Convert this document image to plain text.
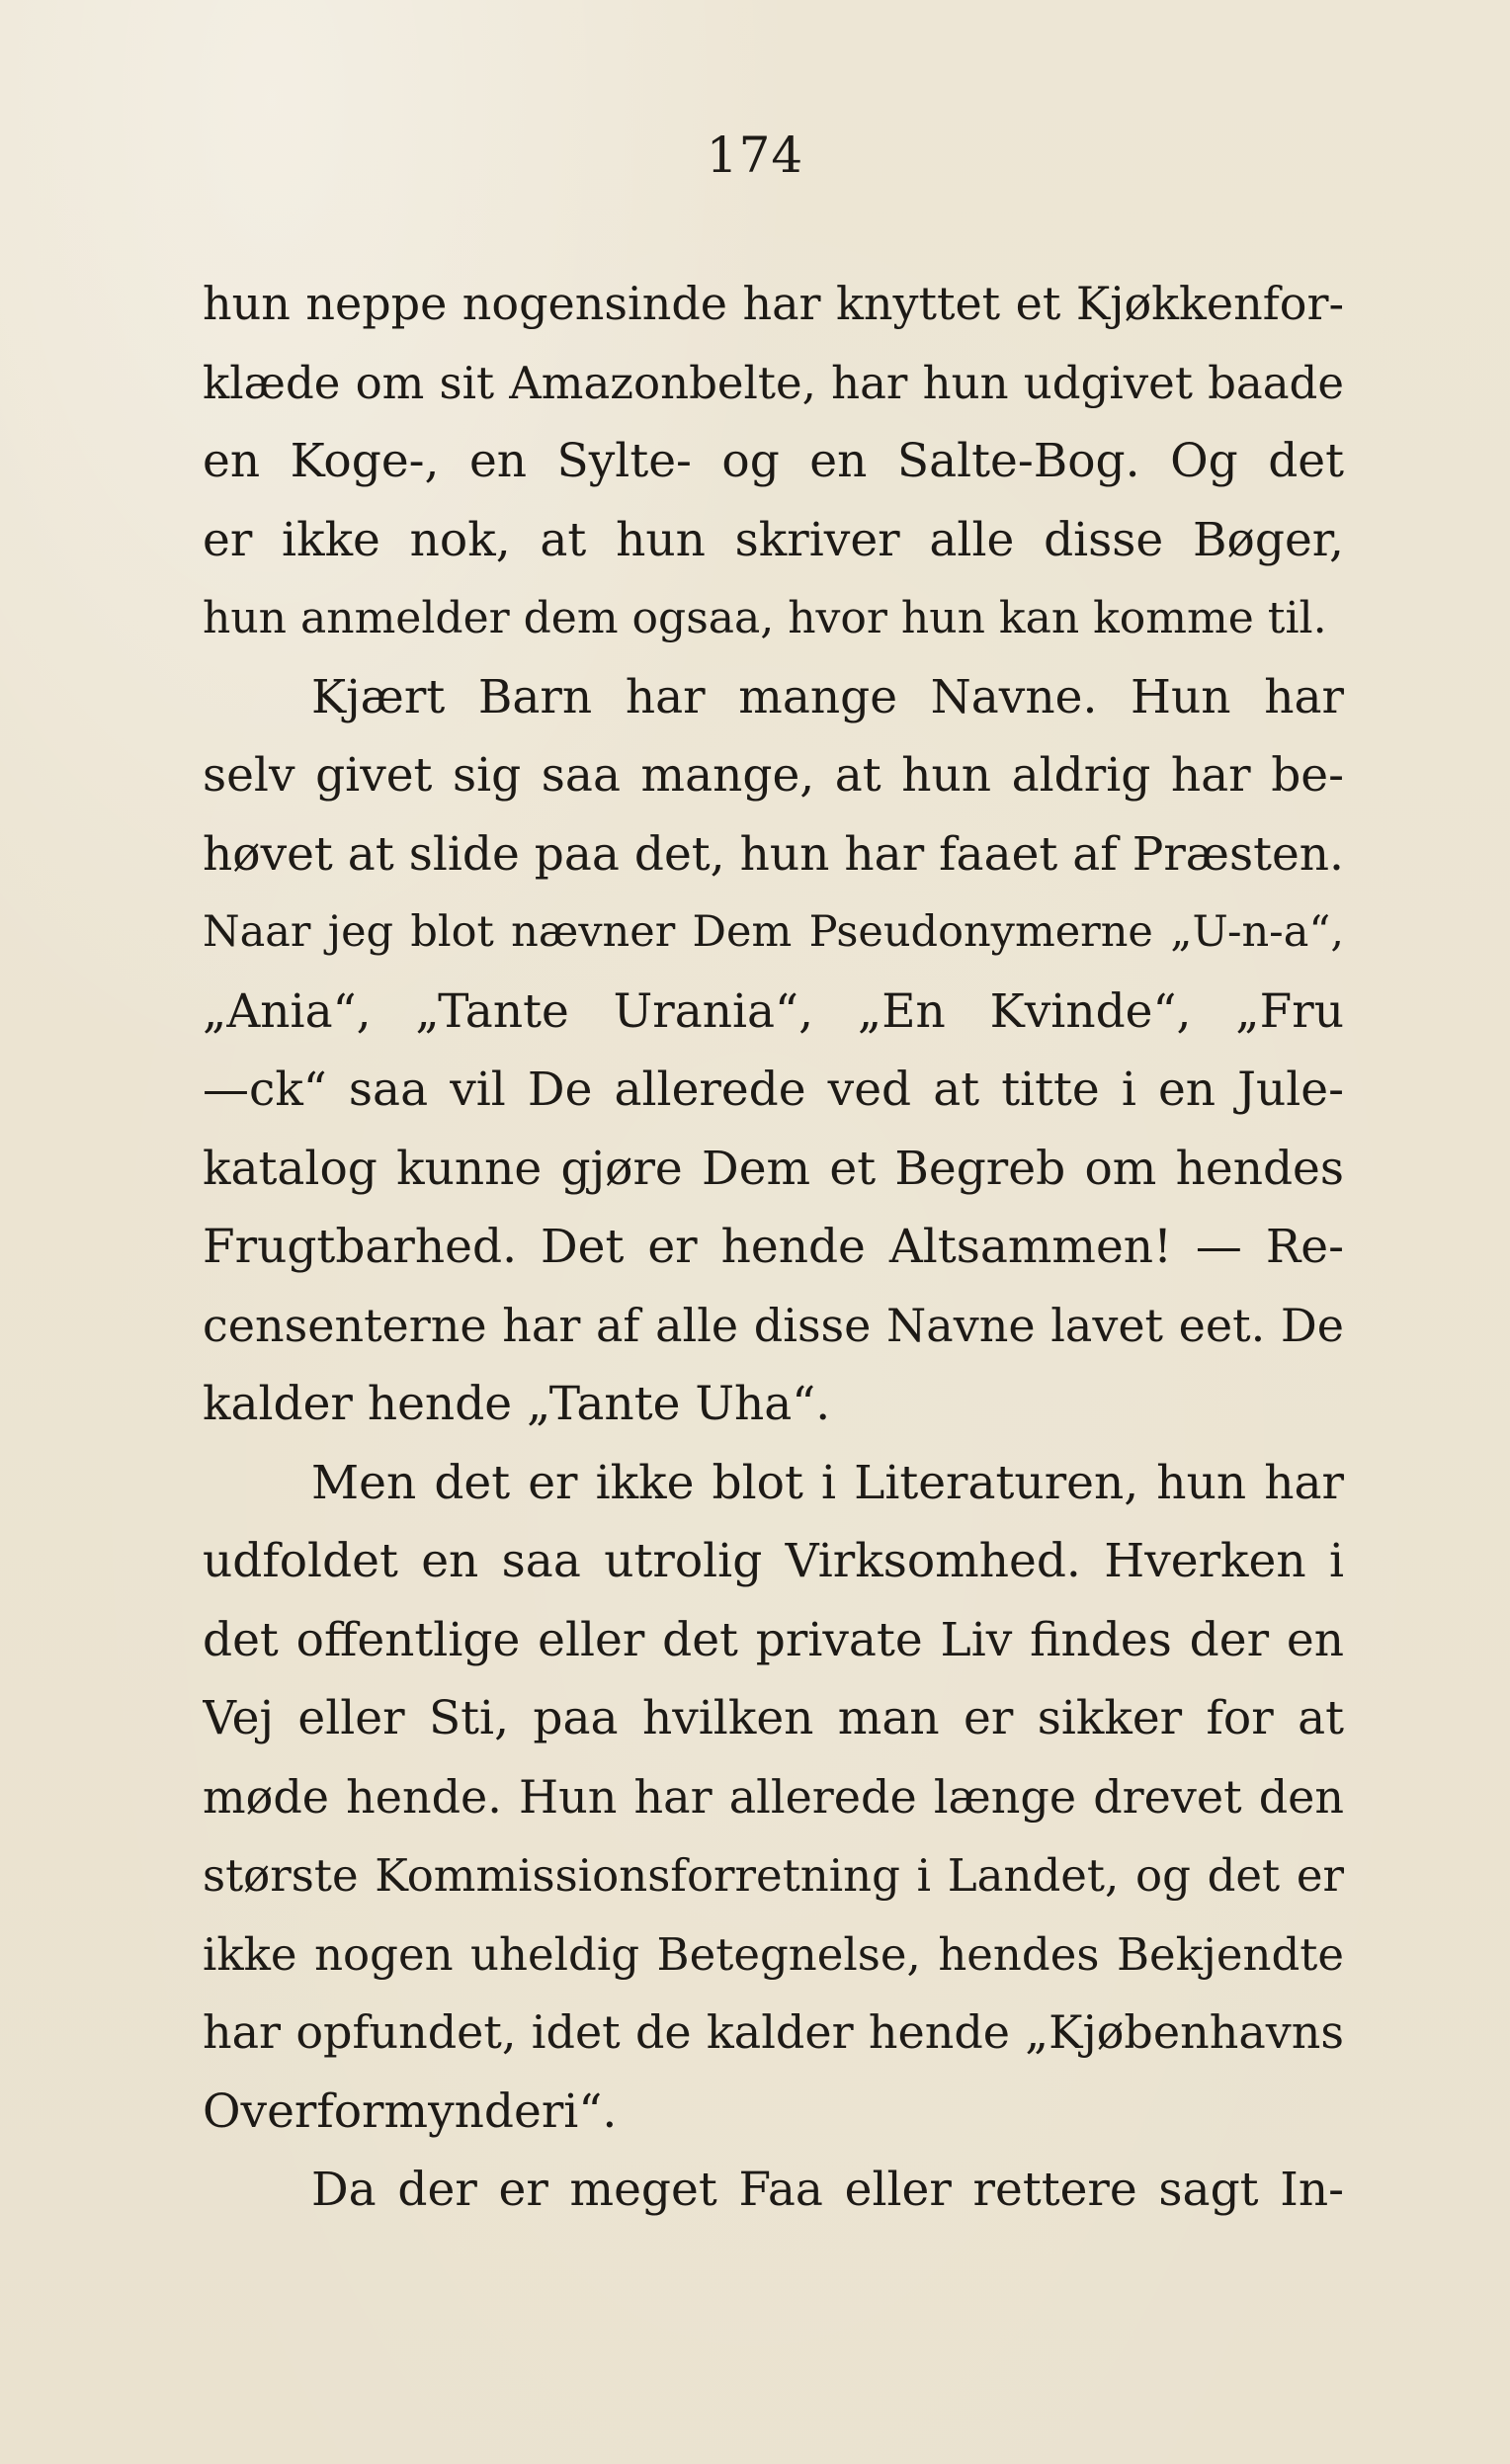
174
hun neppe nogensinde har knyttet et Kjøkkenfor-
klæde om sit Amazonbelte, har hun udgivet baade
en Koge-, en Sylte- og en Salte-Bog. Og det
er ikke nok, at hun skriver alle disse Bøger,
hun anmelder dem ogsaa, hvor hun kan komme til.
Kjært Barn har mange Navne. Hun har
selv givet sig saa mange, at hun aldrig har be-
høvet at slide paa det, hun har faaet af Præsten.
Naar jeg blot nævner Dem Pseudonymerne „U-n-a“,
„Ania“, „Tante Urania“, „En Kvinde“, „Fru
—ck“ saa vil De allerede ved at titte i en Jule-
katalog kunne gjøre Dem et Begreb om hendes
Frugtbarhed. Det er hende Altsammen! — Re-
censenterne har af alle disse Navne lavet eet. De
kalder hende „Tante Uha“.
Men det er ikke blot i Literaturen, hun har
udfoldet en saa utrolig Virksomhed. Hverken i
det offentlige eller det private Liv findes der en
Vej eller Sti, paa hvilken man er sikker for at
møde hende. Hun har allerede længe drevet den
største Kommissionsforretning i Landet, og det er
ikke nogen uheldig Betegnelse, hendes Bekjendte
har opfundet, idet de kalder hende „Kjøbenhavns
Overformynderi“.
Da der er meget Faa eller rettere sagt In-
